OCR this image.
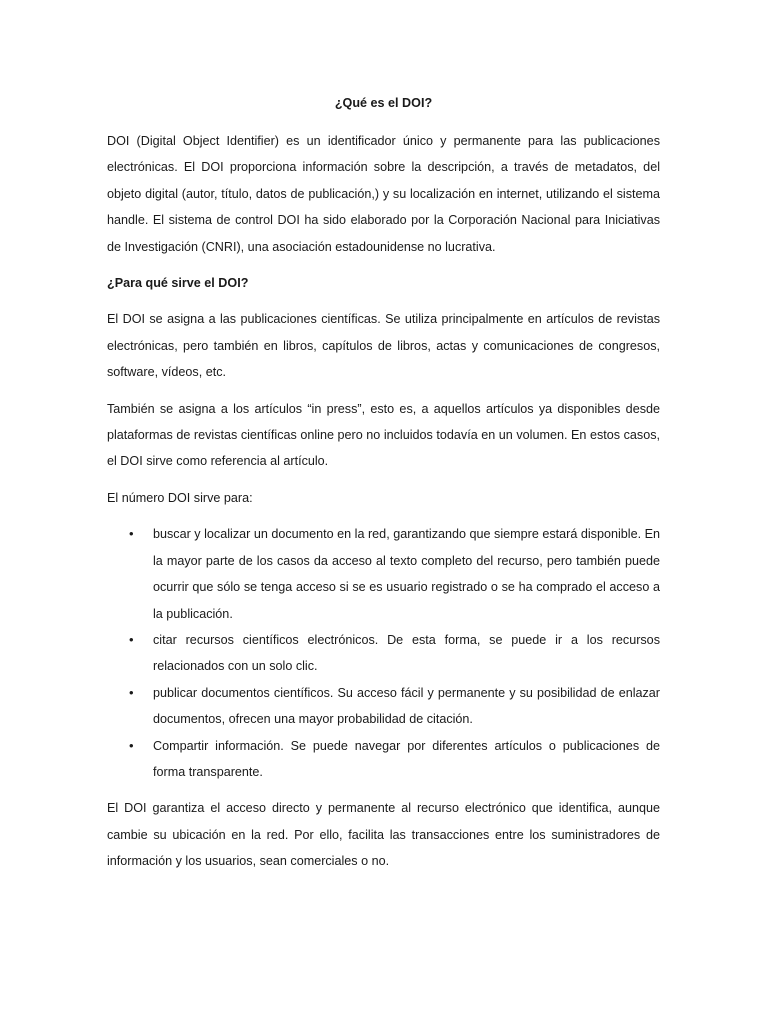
¿Qué es el DOI?

DOI (Digital Object Identifier) es un identificador único y permanente para las publicaciones electrónicas. El DOI proporciona información sobre la descripción, a través de metadatos, del objeto digital (autor, título, datos de publicación,) y su localización en internet, utilizando el sistema handle. El sistema de control DOI ha sido elaborado por la Corporación Nacional para Iniciativas de Investigación (CNRI), una asociación estadounidense no lucrativa.

¿Para qué sirve el DOI?

El DOI se asigna a las publicaciones científicas. Se utiliza principalmente en artículos de revistas electrónicas, pero también en libros, capítulos de libros, actas y comunicaciones de congresos, software, vídeos, etc.

También se asigna a los artículos “in press”, esto es, a aquellos artículos ya disponibles desde plataformas de revistas científicas online pero no incluidos todavía en un volumen. En estos casos, el DOI sirve como referencia al artículo.

El número DOI sirve para:

• buscar y localizar un documento en la red, garantizando que siempre estará disponible. En la mayor parte de los casos da acceso al texto completo del recurso, pero también puede ocurrir que sólo se tenga acceso si se es usuario registrado o se ha comprado el acceso a la publicación.
• citar recursos científicos electrónicos. De esta forma, se puede ir a los recursos relacionados con un solo clic.
• publicar documentos científicos. Su acceso fácil y permanente y su posibilidad de enlazar documentos, ofrecen una mayor probabilidad de citación.
• Compartir información. Se puede navegar por diferentes artículos o publicaciones de forma transparente.

El DOI garantiza el acceso directo y permanente al recurso electrónico que identifica, aunque cambie su ubicación en la red. Por ello, facilita las transacciones entre los suministradores de información y los usuarios, sean comerciales o no.
